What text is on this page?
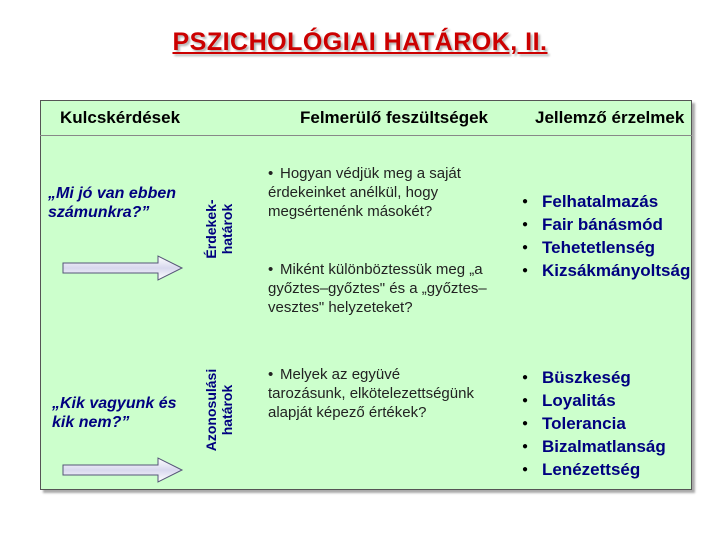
PSZICHOLÓGIAI HATÁROK, II.
Kulcskérdések	Felmerülő feszültségek	Jellemző érzelmek
„Mi jó van ebben számunkra?”
„Kik vagyunk és kik nem?”
Érdekek-
határok
Azonosulási
határok
• Hogyan védjük meg a saját érdekeinket anélkül, hogy megsértenénk másokét?
• Miként különböztessük meg „a győztes–győztes" és a „győztes–vesztes" helyzeteket?
• Melyek az együvé tarozásunk, elkötelezettségünk alapját képező értékek?
● Felhatalmazás
● Fair bánásmód
● Tehetetlenség
● Kizsákmányoltság
● Büszkeség
● Loyalitás
● Tolerancia
● Bizalmatlanság
● Lenézettség
